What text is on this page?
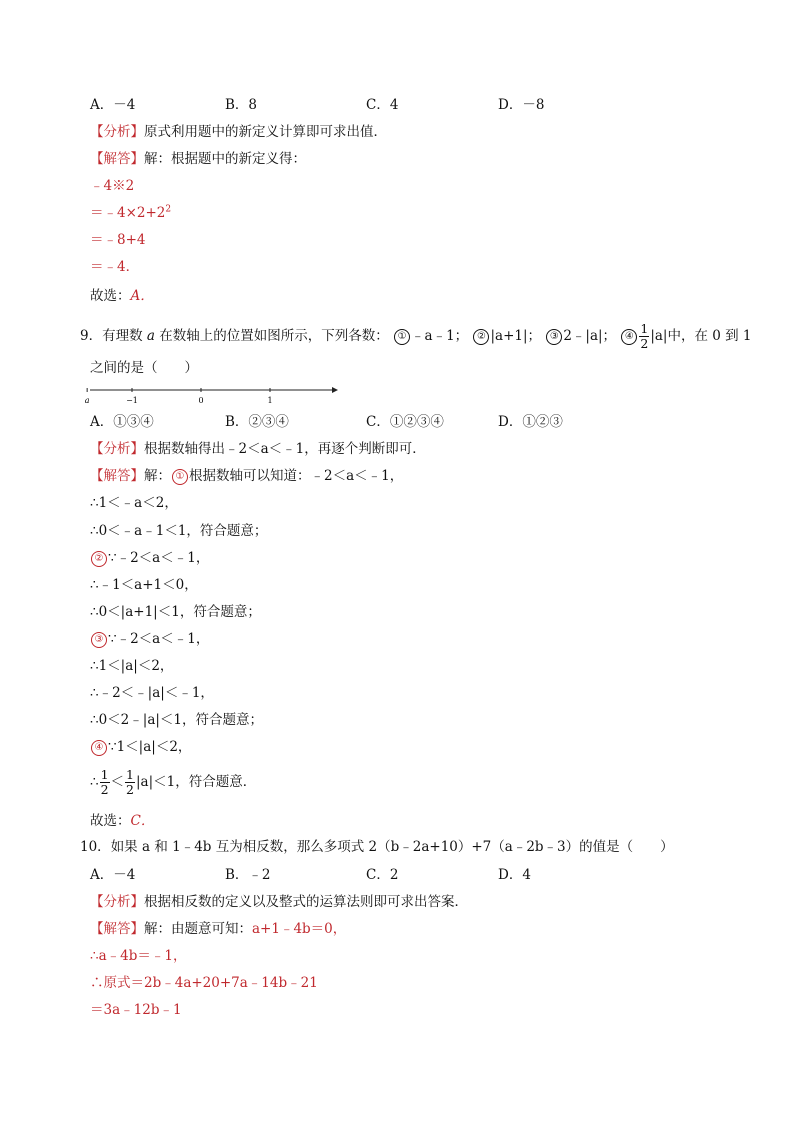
A．－4	B．8	C．4	D．－8
【分析】原式利用题中的新定义计算即可求出值．
【解答】解：根据题中的新定义得：
﹣4※2
$=﹣4\times 2+2^2$
＝﹣8+4
＝﹣4．
故选：A．
9．有理数 a 在数轴上的位置如图所示，下列各数： ① ﹣a﹣1； ② |a+1|； ③ 2﹣|a|； ④ $\frac{1}{2} |a|$中，在 0 到 1
之间的是（　　）
a	−1	0	1
A．①③④	B．②③④	C．①②③④	D．①②③
【分析】根据数轴得出﹣2＜a＜﹣1，再逐个判断即可．
【解答】解： ① 根据数轴可以知道：﹣2＜a＜﹣1，
∴1＜﹣a＜2，
∴0＜﹣a﹣1＜1，符合题意；
② ∵﹣2＜a＜﹣1，
∴﹣1＜a+1＜0，
∴0＜|a+1|＜1，符合题意；
③ ∵﹣2＜a＜﹣1，
∴1＜|a|＜2，
∴﹣2＜﹣|a|＜﹣1，
∴0＜2﹣|a|＜1，符合题意；
④ ∵1＜|a|＜2，
∴ $\frac{1}{2} < \frac{1}{2} |a|<1$，符合题意．
故选：C．
10．如果 a 和 1﹣4b 互为相反数，那么多项式 2（b﹣2a+10）+7（a﹣2b﹣3）的值是（　　）
A．－4	B．﹣2	C．2	D．4
【分析】根据相反数的定义以及整式的运算法则即可求出答案．
【解答】解：由题意可知：a+1﹣4b＝0，
∴a﹣4b＝﹣1，
∴原式＝2b﹣4a+20+7a﹣14b﹣21
＝3a﹣12b﹣1
